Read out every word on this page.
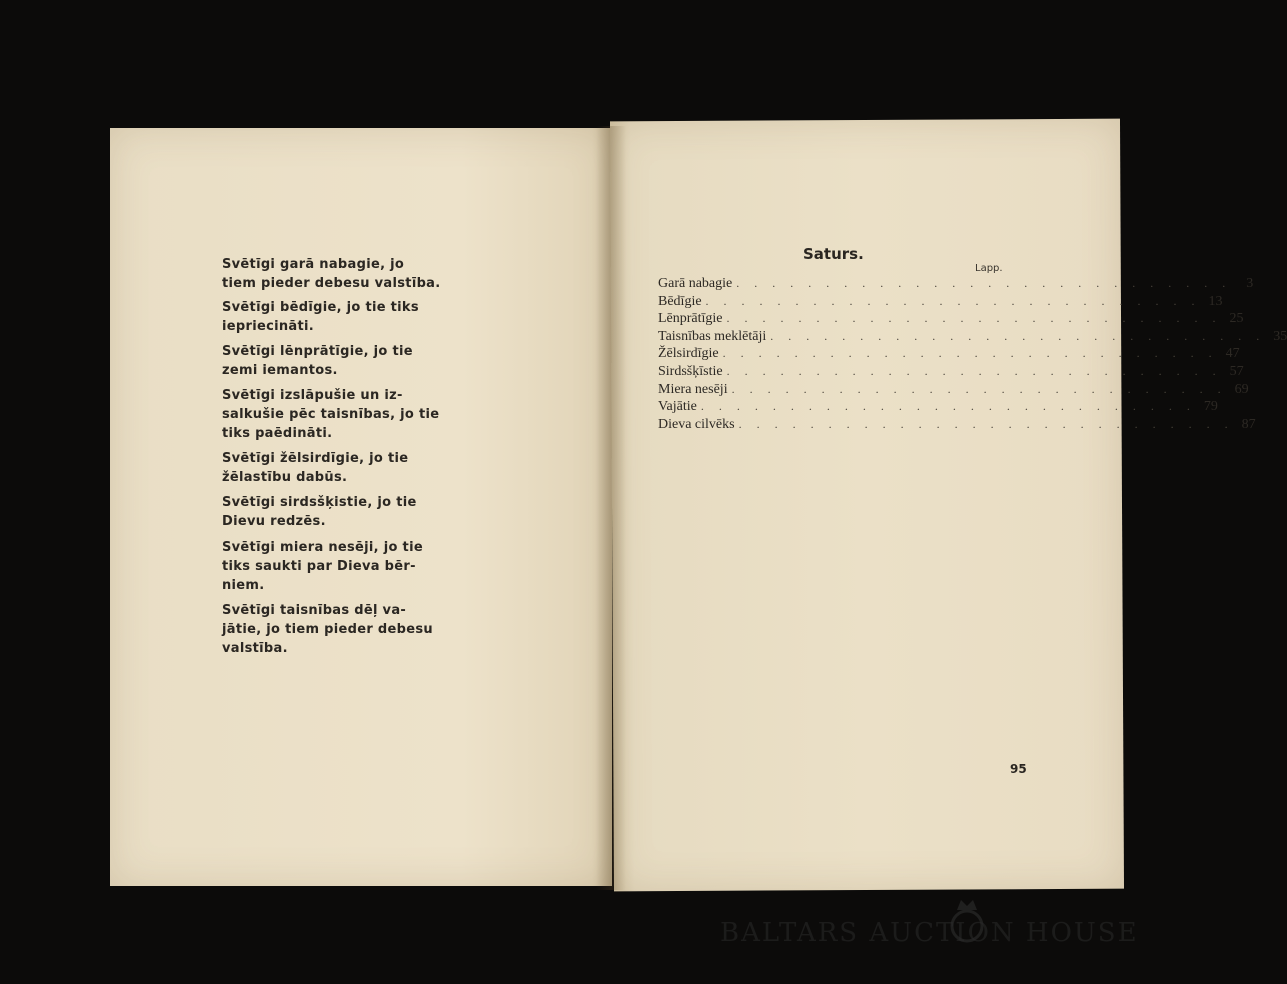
Svētīgi garā nabagie, jo
tiem pieder debesu valstība.

Svētīgi bēdīgie, jo tie tiks
iepriecināti.

Svētīgi lēnprātīgie, jo tie
zemi iemantos.

Svētīgi izslāpušie un iz-
salkušie pēc taisnības, jo tie
tiks paēdināti.

Svētīgi žēlsirdīgie, jo tie
žēlastību dabūs.

Svētīgi sirdsšķistie, jo tie
Dievu redzēs.

Svētīgi miera nesēji, jo tie
tiks saukti par Dieva bēr-
niem.

Svētīgi taisnības dēļ va-
jātie, jo tiem pieder debesu
valstība.

Saturs.
Lapp.
Garā nabagie . . . . . . . . . . . . . . . . . . . . . . . . . . . .	3
Bēdīgie . . . . . . . . . . . . . . . . . . . . . . . . . . . . 13
Lēnprātīgie . . . . . . . . . . . . . . . . . . . . . . . . . . . . 25
Taisnības meklētāji . . . . . . . . . . . . . . . . . . . . . . . . . . . . 35
Žēlsirdīgie . . . . . . . . . . . . . . . . . . . . . . . . . . . . 47
Sirdsšķīstie . . . . . . . . . . . . . . . . . . . . . . . . . . . . 57
Miera nesēji . . . . . . . . . . . . . . . . . . . . . . . . . . . . 69
Vajātie . . . . . . . . . . . . . . . . . . . . . . . . . . . . 79
Dieva cilvēks . . . . . . . . . . . . . . . . . . . . . . . . . . . . 87
95
BALTARS AUCTION HOUSE
